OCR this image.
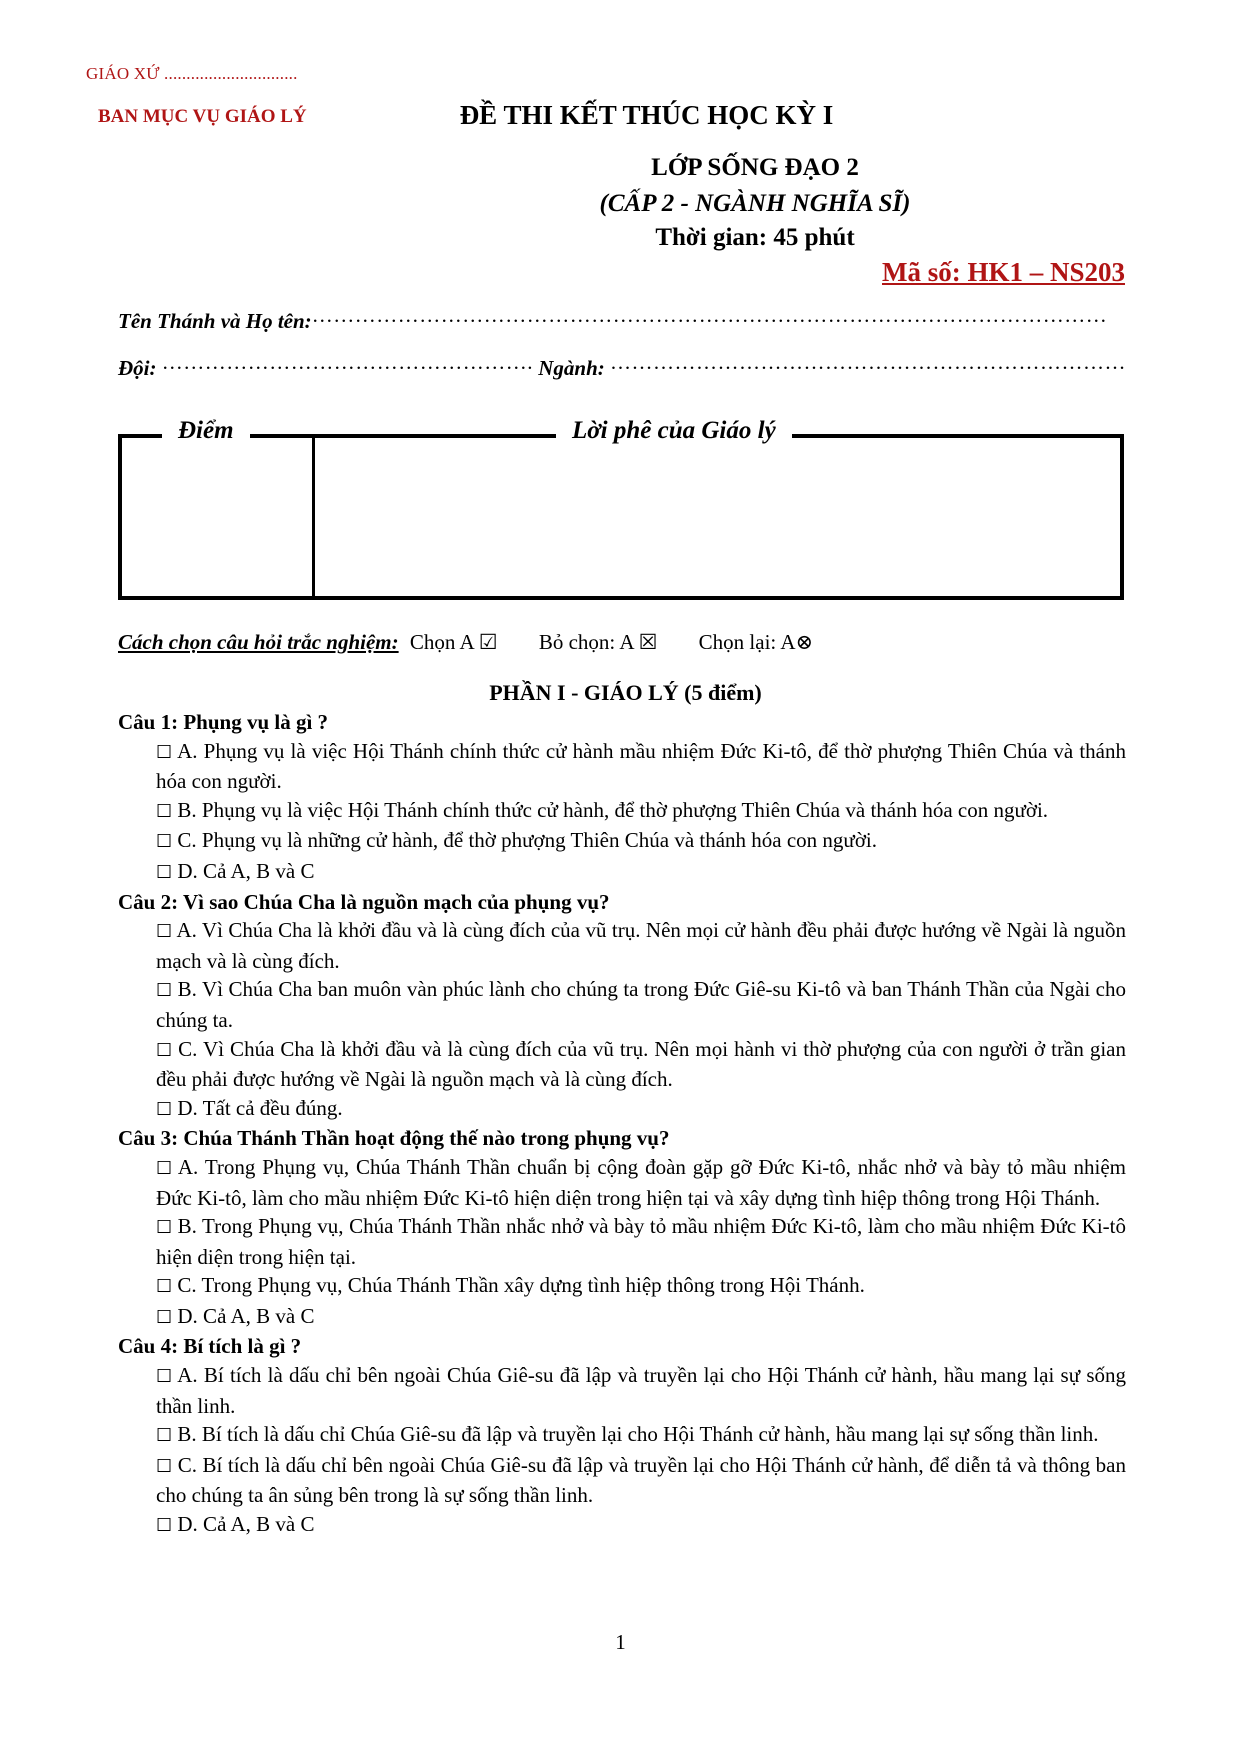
GIÁO XỨ ..............................
BAN MỤC VỤ GIÁO LÝ	ĐỀ THI KẾT THÚC HỌC KỲ I
LỚP SỐNG ĐẠO 2
(CẤP 2 - NGÀNH NGHĨA SĨ)
Thời gian: 45 phút
Mã số: HK1 – NS203
Tên Thánh và Họ tên:…………………………………………………………………………………………………
Đội: ……………………………………………. Ngành: ………………………………………………………………
Điểm	Lời phê của Giáo lý
Cách chọn câu hỏi trắc nghiệm: Chọn A ☑ Bỏ chọn: A ☒ Chọn lại: A⊗
PHẦN I - GIÁO LÝ (5 điểm)
Câu 1: Phụng vụ là gì ?
☐ A. Phụng vụ là việc Hội Thánh chính thức cử hành mầu nhiệm Đức Ki-tô, để thờ phượng Thiên Chúa và thánh hóa con người.
☐ B. Phụng vụ là việc Hội Thánh chính thức cử hành, để thờ phượng Thiên Chúa và thánh hóa con người.
☐ C. Phụng vụ là những cử hành, để thờ phượng Thiên Chúa và thánh hóa con người.
☐ D. Cả A, B và C
Câu 2: Vì sao Chúa Cha là nguồn mạch của phụng vụ?
☐ A. Vì Chúa Cha là khởi đầu và là cùng đích của vũ trụ. Nên mọi cử hành đều phải được hướng về Ngài là nguồn mạch và là cùng đích.
☐ B. Vì Chúa Cha ban muôn vàn phúc lành cho chúng ta trong Đức Giê-su Ki-tô và ban Thánh Thần của Ngài cho chúng ta.
☐ C. Vì Chúa Cha là khởi đầu và là cùng đích của vũ trụ. Nên mọi hành vi thờ phượng của con người ở trần gian đều phải được hướng về Ngài là nguồn mạch và là cùng đích.
☐ D. Tất cả đều đúng.
Câu 3: Chúa Thánh Thần hoạt động thế nào trong phụng vụ?
☐ A. Trong Phụng vụ, Chúa Thánh Thần chuẩn bị cộng đoàn gặp gỡ Đức Ki-tô, nhắc nhở và bày tỏ mầu nhiệm Đức Ki-tô, làm cho mầu nhiệm Đức Ki-tô hiện diện trong hiện tại và xây dựng tình hiệp thông trong Hội Thánh.
☐ B. Trong Phụng vụ, Chúa Thánh Thần nhắc nhở và bày tỏ mầu nhiệm Đức Ki-tô, làm cho mầu nhiệm Đức Ki-tô hiện diện trong hiện tại.
☐ C. Trong Phụng vụ, Chúa Thánh Thần xây dựng tình hiệp thông trong Hội Thánh.
☐ D. Cả A, B và C
Câu 4: Bí tích là gì ?
☐ A. Bí tích là dấu chỉ bên ngoài Chúa Giê-su đã lập và truyền lại cho Hội Thánh cử hành, hầu mang lại sự sống thần linh.
☐ B. Bí tích là dấu chỉ Chúa Giê-su đã lập và truyền lại cho Hội Thánh cử hành, hầu mang lại sự sống thần linh.
☐ C. Bí tích là dấu chỉ bên ngoài Chúa Giê-su đã lập và truyền lại cho Hội Thánh cử hành, để diễn tả và thông ban cho chúng ta ân sủng bên trong là sự sống thần linh.
☐ D. Cả A, B và C
1
